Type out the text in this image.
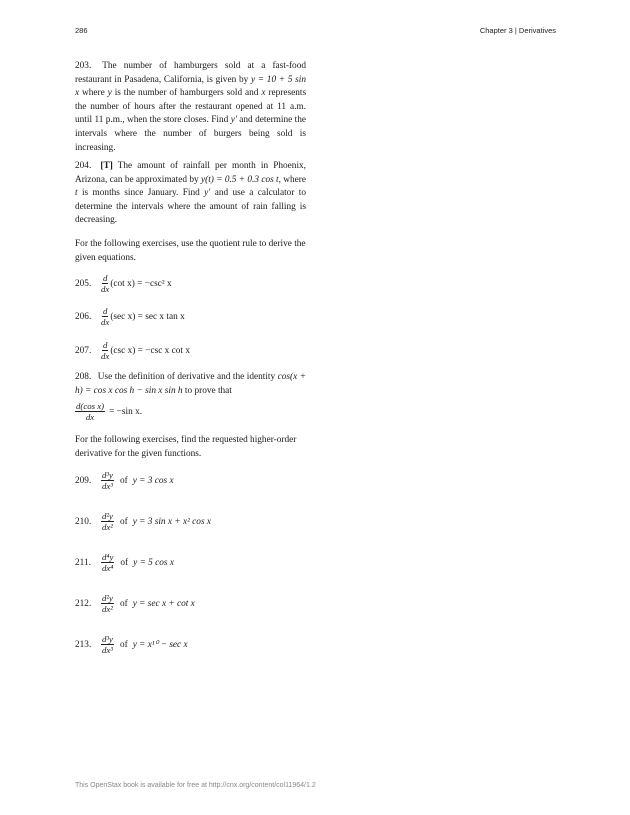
286	Chapter 3 | Derivatives
203. The number of hamburgers sold at a fast-food restaurant in Pasadena, California, is given by y = 10 + 5 sin x where y is the number of hamburgers sold and x represents the number of hours after the restaurant opened at 11 a.m. until 11 p.m., when the store closes. Find y′ and determine the intervals where the number of burgers being sold is increasing.
204. [T] The amount of rainfall per month in Phoenix, Arizona, can be approximated by y(t) = 0.5 + 0.3 cos t, where t is months since January. Find y′ and use a calculator to determine the intervals where the amount of rain falling is decreasing.
For the following exercises, use the quotient rule to derive the given equations.
205.	$\frac{d}{dx} (\cot$ x) = −csc² x
206.	$\frac{d}{dx} (\sec$ x) = sec x tan x
207.	$\frac{d}{dx} (\csc$ x) = −csc x cot x
208. Use the definition of derivative and the identity cos(x + h) = cos x cos h − sin x sin h to prove that
$\frac{\text{d(cos x)}}{dx} = -\sin$ x.
For the following exercises, find the requested higher-order derivative for the given functions.
209.	$\frac{\text{d³y}}{\text{dx³}}$ of y = 3 cos x
210.	$\frac{\text{d²y}}{\text{dx²}}$ of y = 3 sin x + x² cos x
211.	$\frac{\text{d⁴y}}{\text{dx⁴}}$ of y = 5 cos x
212.	$\frac{\text{d²y}}{\text{dx²}}$ of y = sec x + cot x
213.	$\frac{\text{d³y}}{\text{dx³}}$ of y = x¹⁰ − sec x
This OpenStax book is available for free at http://cnx.org/content/col11964/1.2
